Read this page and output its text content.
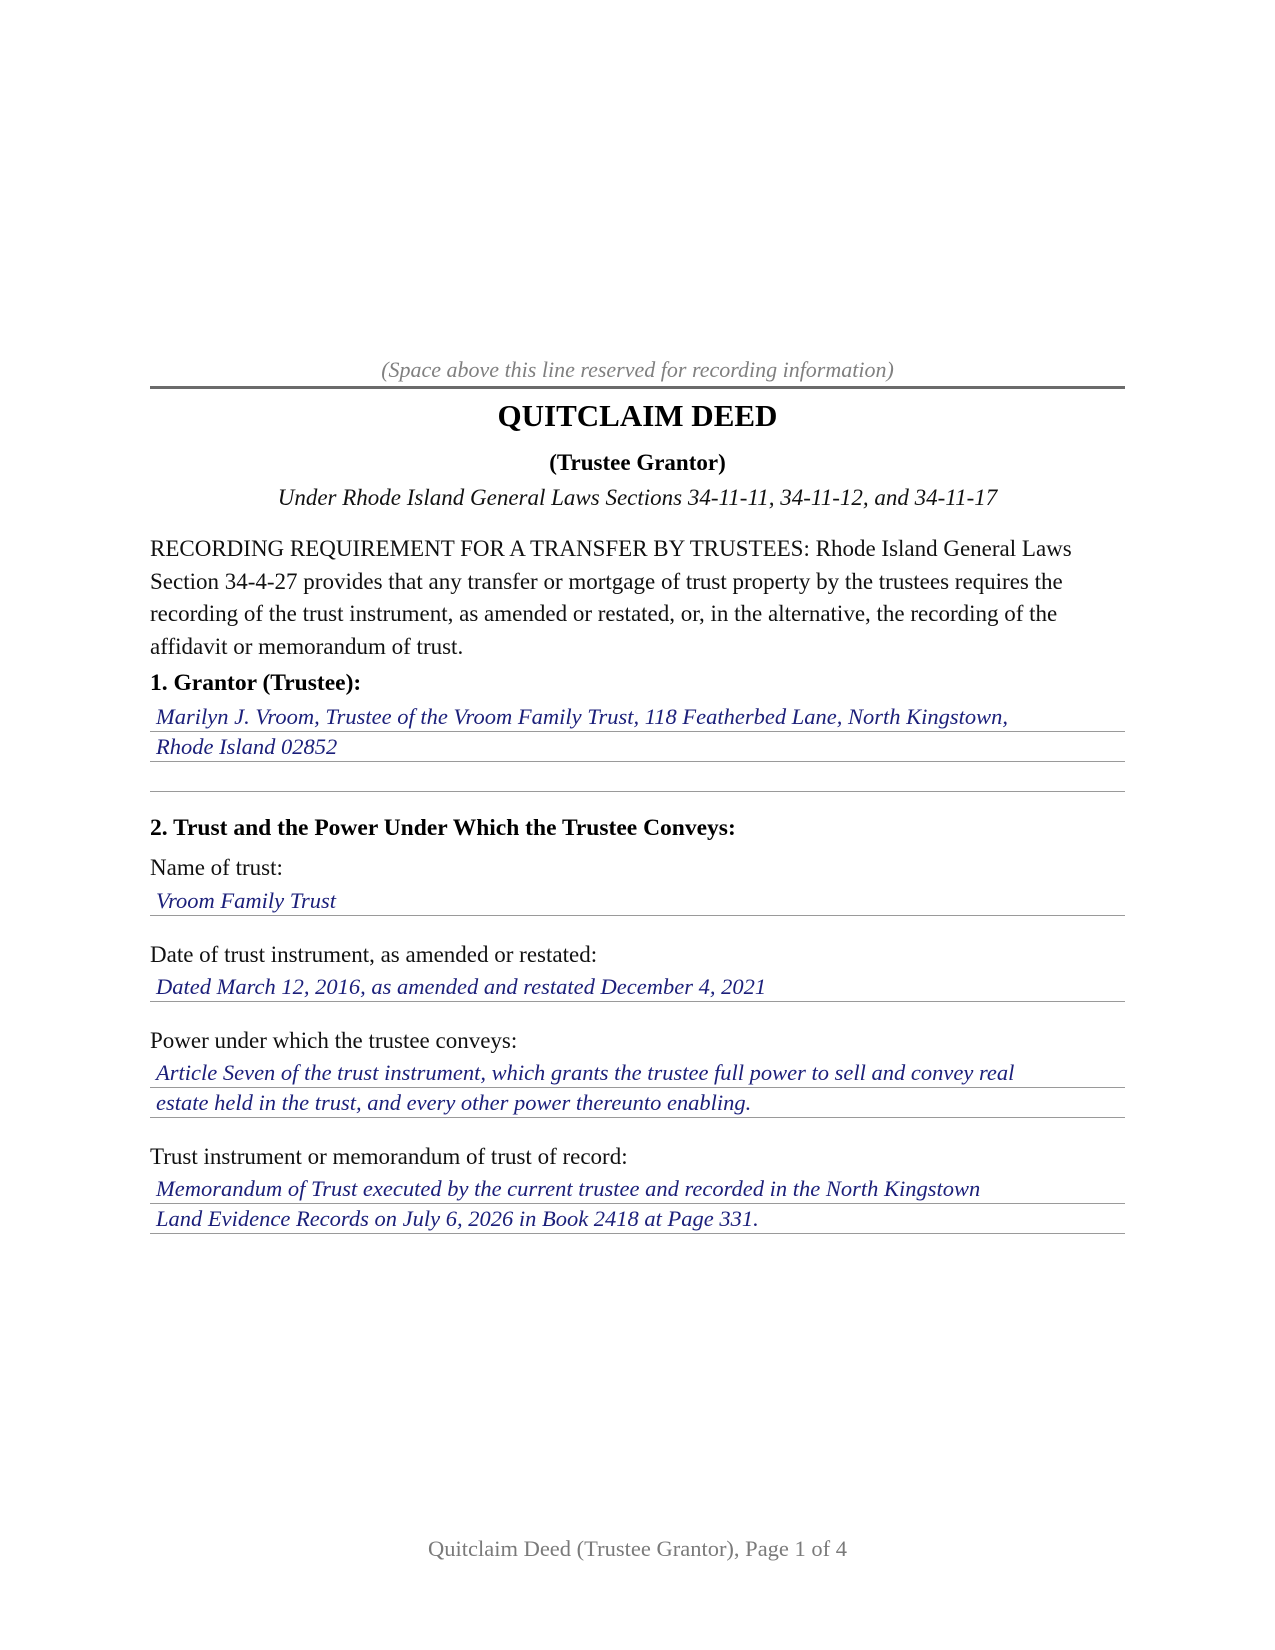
(Space above this line reserved for recording information)
QUITCLAIM DEED
(Trustee Grantor)
Under Rhode Island General Laws Sections 34-11-11, 34-11-12, and 34-11-17
RECORDING REQUIREMENT FOR A TRANSFER BY TRUSTEES: Rhode Island General Laws Section 34-4-27 provides that any transfer or mortgage of trust property by the trustees requires the recording of the trust instrument, as amended or restated, or, in the alternative, the recording of the affidavit or memorandum of trust.
1. Grantor (Trustee):
Marilyn J. Vroom, Trustee of the Vroom Family Trust, 118 Featherbed Lane, North Kingstown,
Rhode Island 02852
2. Trust and the Power Under Which the Trustee Conveys:
Name of trust:
Vroom Family Trust
Date of trust instrument, as amended or restated:
Dated March 12, 2016, as amended and restated December 4, 2021
Power under which the trustee conveys:
Article Seven of the trust instrument, which grants the trustee full power to sell and convey real
estate held in the trust, and every other power thereunto enabling.
Trust instrument or memorandum of trust of record:
Memorandum of Trust executed by the current trustee and recorded in the North Kingstown
Land Evidence Records on July 6, 2026 in Book 2418 at Page 331.
Quitclaim Deed (Trustee Grantor), Page 1 of 4
